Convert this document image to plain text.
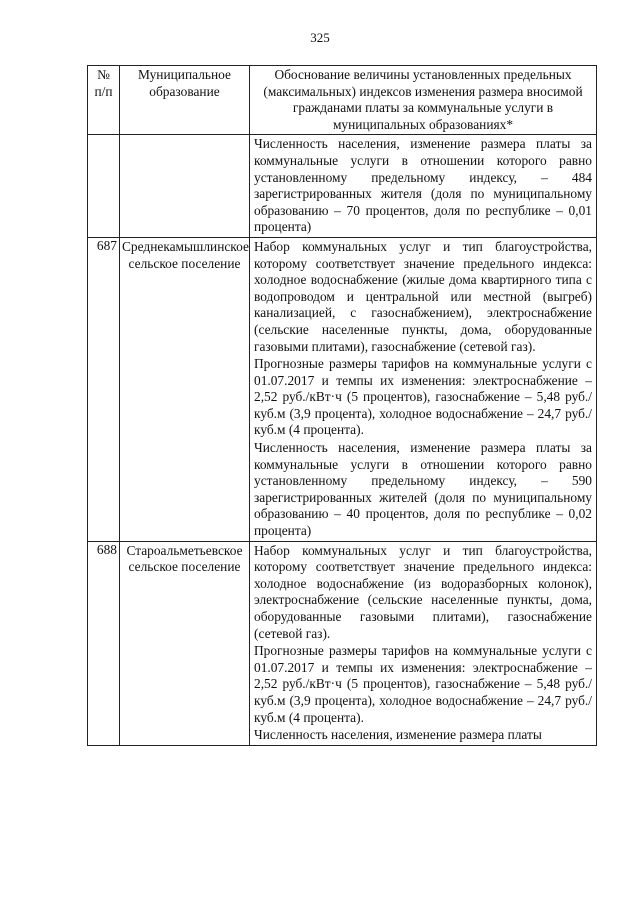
325
№ п/п	Муниципальное образование	Обоснование величины установленных предельных (максимальных) индексов изменения размера вносимой гражданами платы за коммунальные услуги в муниципальных образованиях*
		Численность населения, изменение размера платы за коммунальные услуги в отношении которого равно установленному предельному индексу, – 484 зарегистрированных жителя (доля по муниципальному образованию – 70 процентов, доля по республике – 0,01 процента)
687	Среднекамышлинское сельское поселение	Набор коммунальных услуг и тип благоустройства, которому соответствует значение предельного индекса: холодное водоснабжение (жилые дома квартирного типа с водопроводом и центральной или местной (выгреб) канализацией, с газоснабжением), электроснабжение (сельские населенные пункты, дома, оборудованные газовыми плитами), газоснабжение (сетевой газ).

Прогнозные размеры тарифов на коммунальные услуги с 01.07.2017 и темпы их изменения: электроснабжение – 2,52 руб./кВт·ч (5 процентов), газоснабжение – 5,48 руб./куб.м (3,9 процента), холодное водоснабжение – 24,7 руб./куб.м (4 процента).

Численность населения, изменение размера платы за коммунальные услуги в отношении которого равно установленному предельному индексу, – 590 зарегистрированных жителей (доля по муниципальному образованию – 40 процентов, доля по республике – 0,02 процента)

688	Староальметьевское сельское поселение	Набор коммунальных услуг и тип благоустройства, которому соответствует значение предельного индекса: холодное водоснабжение (из водоразборных колонок), электроснабжение (сельские населенные пункты, дома, оборудованные газовыми плитами), газоснабжение (сетевой газ).

Прогнозные размеры тарифов на коммунальные услуги с 01.07.2017 и темпы их изменения: электроснабжение – 2,52 руб./кВт·ч (5 процентов), газоснабжение – 5,48 руб./куб.м (3,9 процента), холодное водоснабжение – 24,7 руб./куб.м (4 процента).

Численность населения, изменение размера платы
